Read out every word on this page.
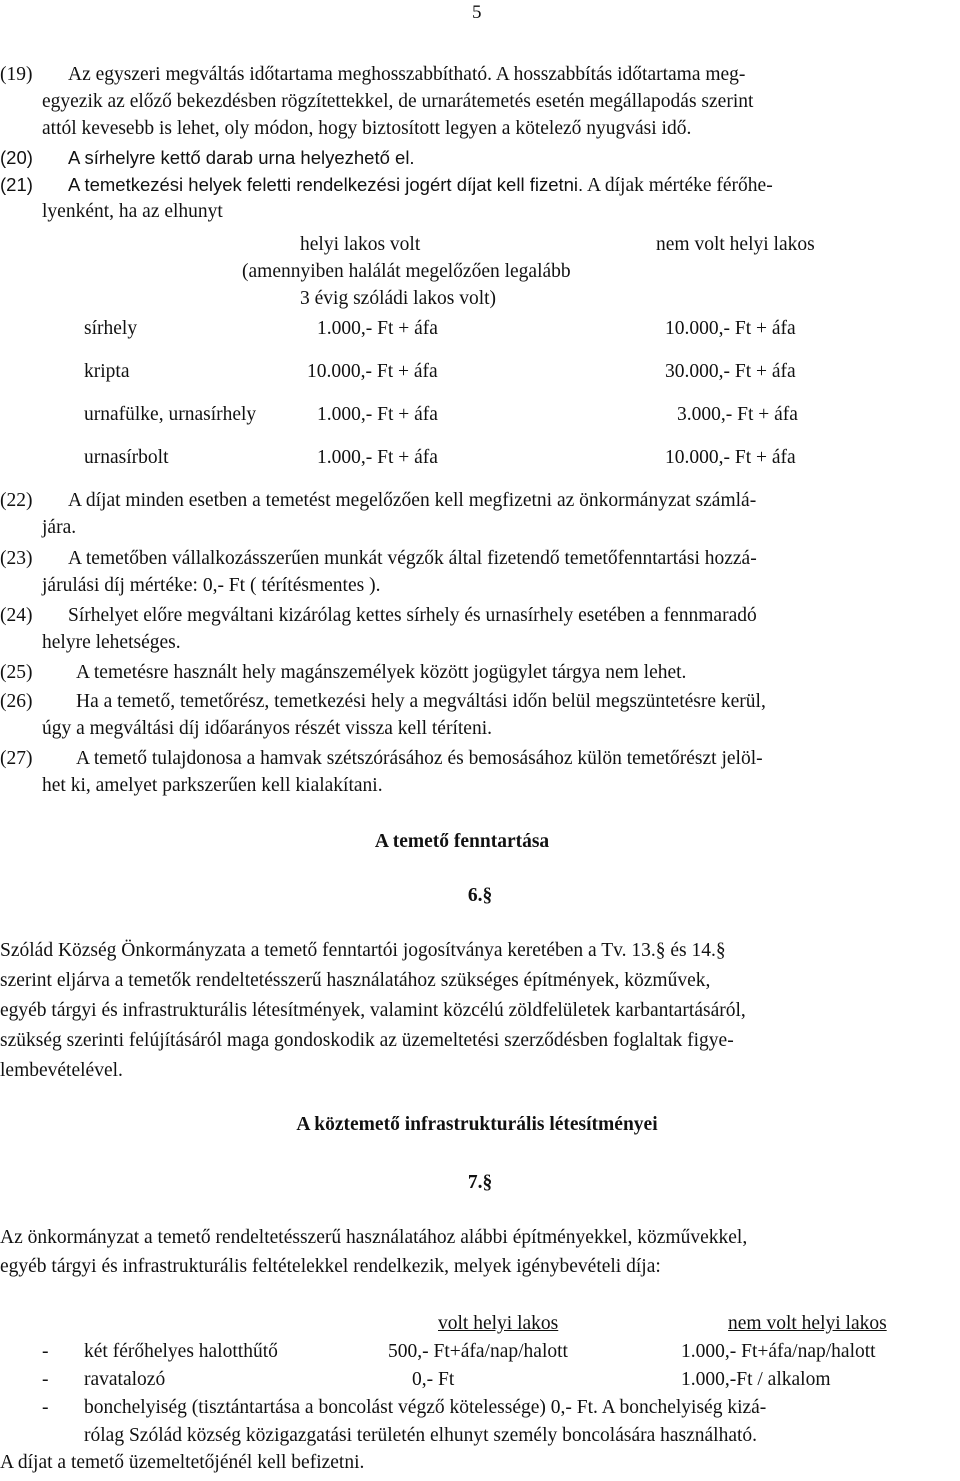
5
(19) Az egyszeri megváltás időtartama meghosszabbítható. A hosszabbítás időtartama meg-
egyezik az előző bekezdésben rögzítettekkel, de urnarátemetés esetén megállapodás szerint
attól kevesebb is lehet, oly módon, hogy biztosított legyen a kötelező nyugvási idő.
(20) A sírhelyre kettő darab urna helyezhető el.
(21) A temetkezési helyek feletti rendelkezési jogért díjat kell fizetni. A díjak mértéke férőhe-
lyenként, ha az elhunyt
helyi lakos volt	nem volt helyi lakos
(amennyiben halálát megelőzően legalább
3 évig szóládi lakos volt)
sírhely	1.000,- Ft + áfa	10.000,- Ft + áfa
kripta	10.000,- Ft + áfa	30.000,- Ft + áfa
urnafülke, urnasírhely	1.000,- Ft + áfa	3.000,- Ft + áfa
urnasírbolt	1.000,- Ft + áfa	10.000,- Ft + áfa
(22) A díjat minden esetben a temetést megelőzően kell megfizetni az önkormányzat számlá-
jára.
(23) A temetőben vállalkozásszerűen munkát végzők által fizetendő temetőfenntartási hozzá-
járulási díj mértéke: 0,- Ft ( térítésmentes ).
(24) Sírhelyet előre megváltani kizárólag kettes sírhely és urnasírhely esetében a fennmaradó
helyre lehetséges.
(25) A temetésre használt hely magánszemélyek között jogügylet tárgya nem lehet.
(26) Ha a temető, temetőrész, temetkezési hely a megváltási időn belül megszüntetésre kerül,
úgy a megváltási díj időarányos részét vissza kell téríteni.
(27) A temető tulajdonosa a hamvak szétszórásához és bemosásához külön temetőrészt jelöl-
het ki, amelyet parkszerűen kell kialakítani.
A temető fenntartása
6.§
Szólád Község Önkormányzata a temető fenntartói jogosítványa keretében a Tv. 13.§ és 14.§
szerint eljárva a temetők rendeltetésszerű használatához szükséges építmények, közművek,
egyéb tárgyi és infrastrukturális létesítmények, valamint közcélú zöldfelületek karbantartásáról,
szükség szerinti felújításáról maga gondoskodik az üzemeltetési szerződésben foglaltak figye-
lembevételével.
A köztemető infrastrukturális létesítményei
7.§
Az önkormányzat a temető rendeltetésszerű használatához alábbi építményekkel, közművekkel,
egyéb tárgyi és infrastrukturális feltételekkel rendelkezik, melyek igénybevételi díja:
volt helyi lakos	nem volt helyi lakos
- két férőhelyes halotthűtő	500,- Ft+áfa/nap/halott	1.000,- Ft+áfa/nap/halott
- ravatalozó	0,- Ft	1.000,-Ft / alkalom
- bonchelyiség (tisztántartása a boncolást végző kötelessége) 0,- Ft. A bonchelyiség kizá-
rólag Szólád község közigazgatási területén elhunyt személy boncolására használható.
A díjat a temető üzemeltetőjénél kell befizetni.
